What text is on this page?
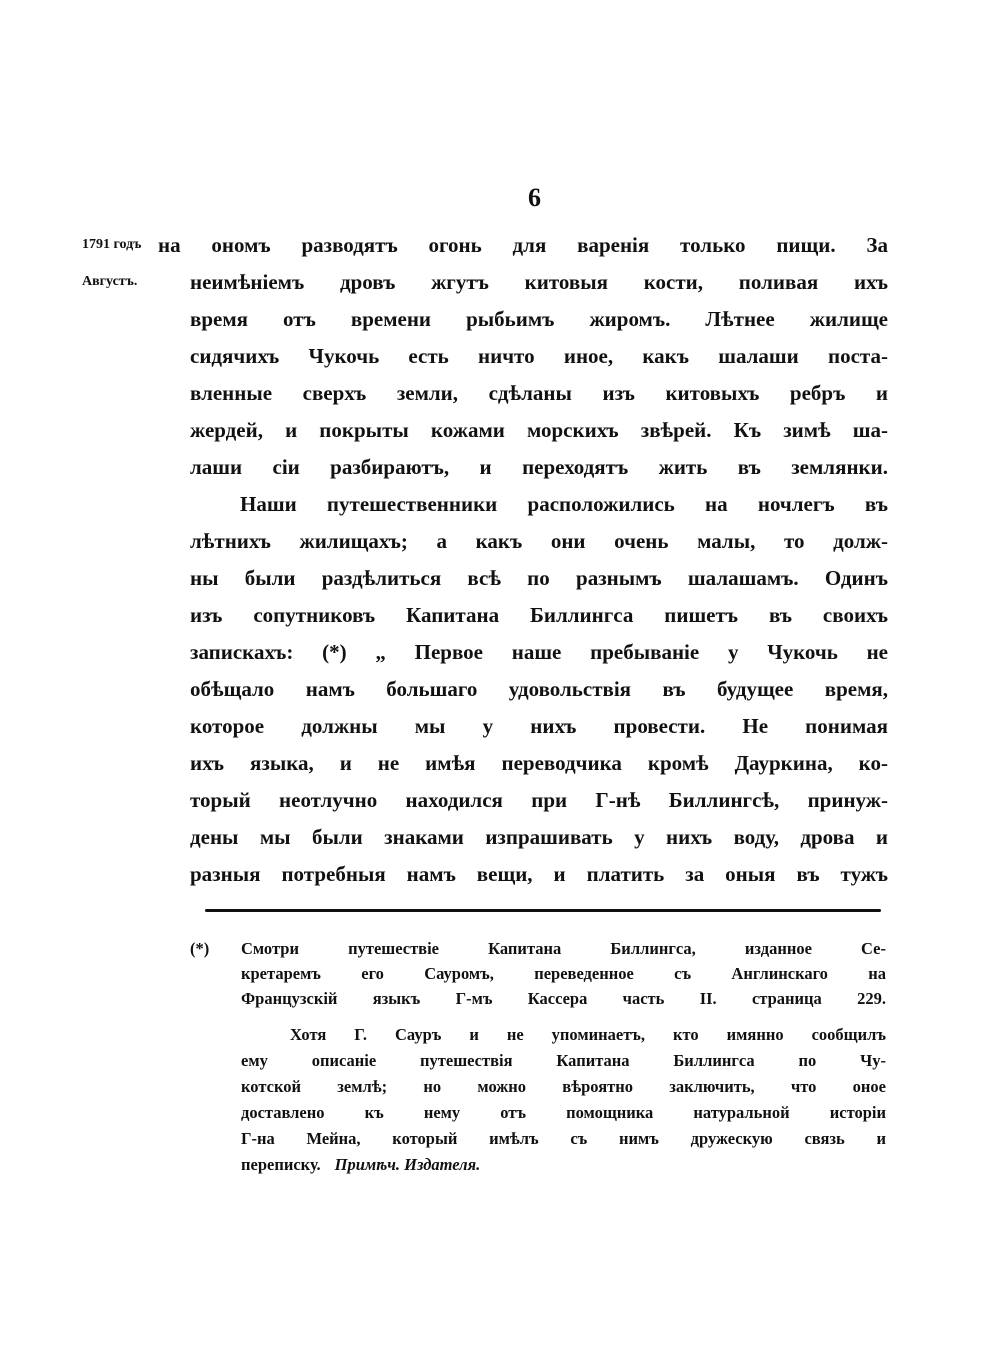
6
1791 годъ
Августъ.
на ономъ разводятъ огонь для варенія только пищи. За
неимѣніемъ дровъ жгутъ китовыя кости, поливая ихъ
время отъ времени рыбьимъ жиромъ. Лѣтнее жилище
сидячихъ Чукочь есть ничто иное, какъ шалаши поста-
вленные сверхъ земли, сдѣланы изъ китовыхъ ребръ и
жердей, и покрыты кожами морскихъ звѣрей. Къ зимѣ ша-
лаши сіи разбираютъ, и переходятъ жить въ землянки.
Наши путешественники расположились на ночлегъ въ
лѣтнихъ жилищахъ; а какъ они очень малы, то долж-
ны были раздѣлиться всѣ по разнымъ шалашамъ. Одинъ
изъ сопутниковъ Капитана Биллингса пишетъ въ своихъ
запискахъ: (*) „ Первое наше пребываніе у Чукочь не
обѣщало намъ большаго удовольствія въ будущее время,
которое должны мы у нихъ провести. Не понимая
ихъ языка, и не имѣя переводчика кромѣ Дауркина, ко-
торый неотлучно находился при Г-нѣ Биллингсѣ, принуж-
дены мы были знаками изпрашивать у нихъ воду, дрова и
разныя потребныя намъ вещи, и платить за оныя въ тужъ
(*) Смотри путешествіе Капитана Биллингса, изданное Се-
кретаремъ его Сауромъ, переведенное съ Англинскаго на
Французскій языкъ Г-мъ Кассера часть II. страница 229.
Хотя Г. Сауръ и не упоминаетъ, кто имянно сообщилъ
ему описаніе путешествія Капитана Биллингса по Чу-
котской землѣ; но можно вѣроятно заключить, что оное
доставлено къ нему отъ помощника натуральной исторіи
Г-на Мейна, который имѣлъ съ нимъ дружескую связь и
переписку. Примѣч. Издателя.
